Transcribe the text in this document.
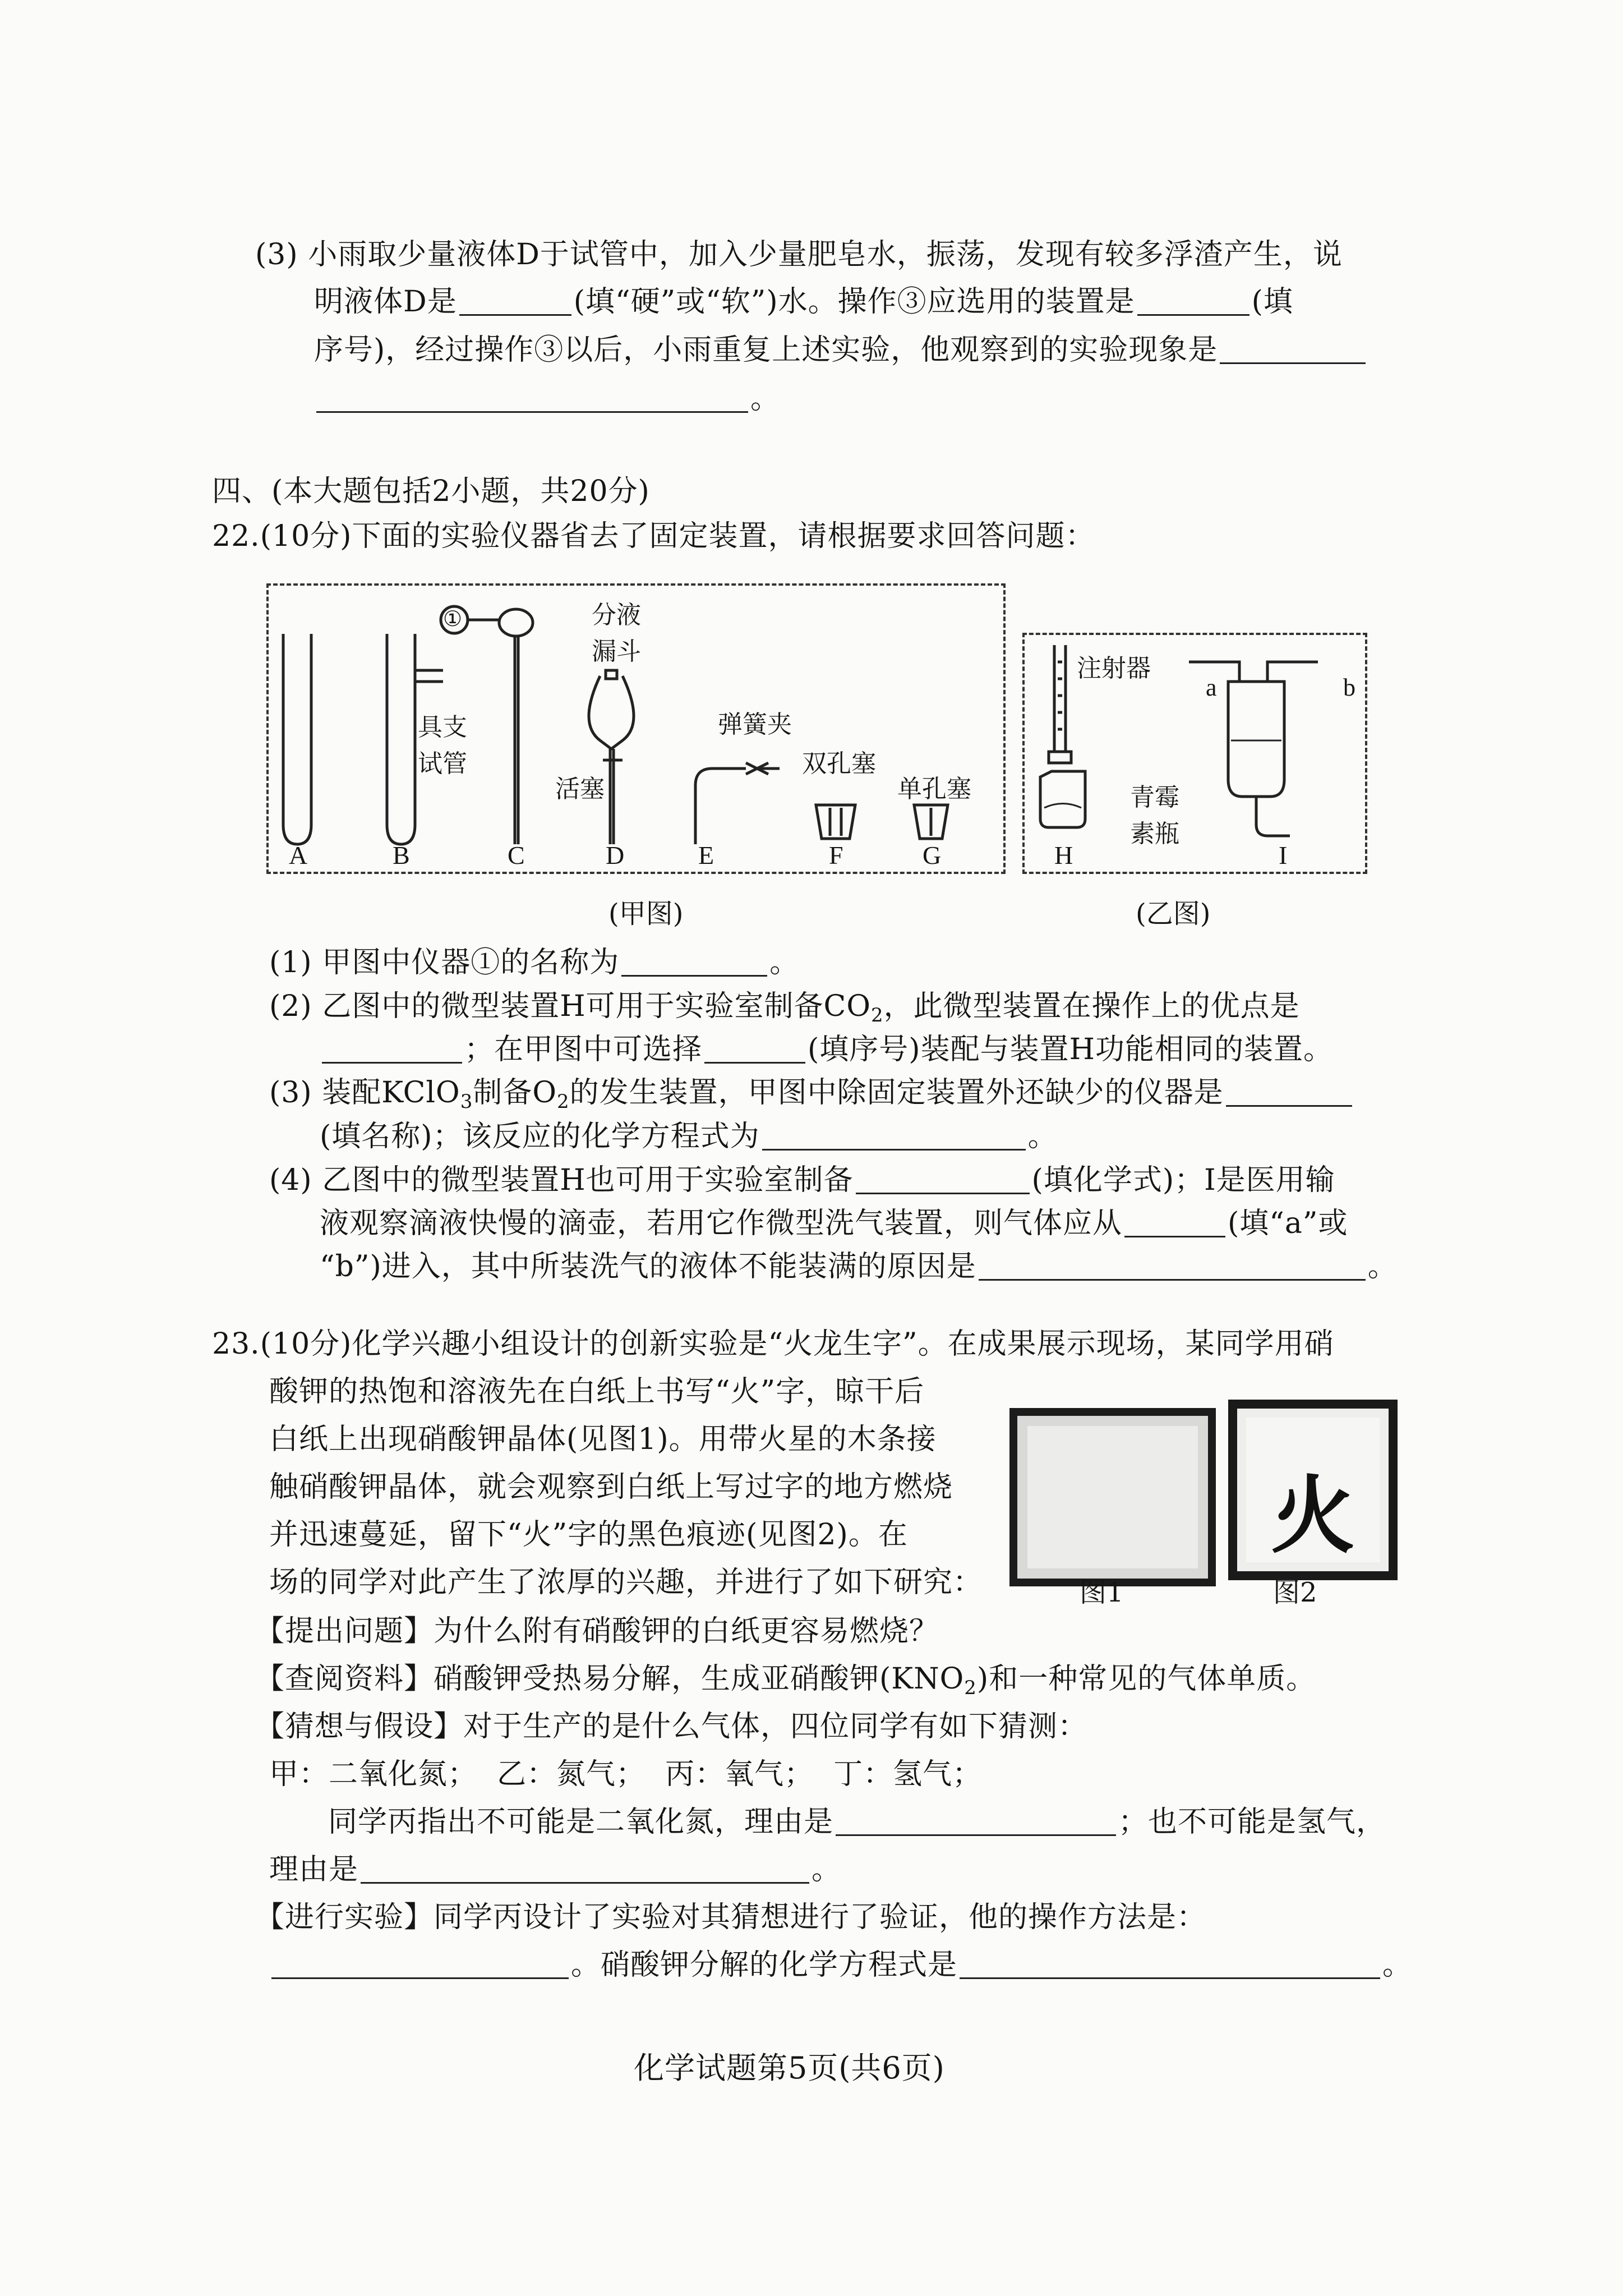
(3) 小雨取少量液体D于试管中，加入少量肥皂水，振荡，发现有较多浮渣产生，说
明液体D是	(填“硬”或“软”)水。操作③应选用的装置是	(填
序号)，经过操作③以后，小雨重复上述实验，他观察到的实验现象是
。
四、(本大题包括2小题，共20分)
22.(10分)下面的实验仪器省去了固定装置，请根据要求回答问题：
①	分液
漏斗
具支
试管
活塞
弹簧夹
双孔塞
单孔塞
注射器
青霉
素瓶
a	b
A	B	C	D	E	F	G	H	I
(甲图)	(乙图)
(1) 甲图中仪器①的名称为	。
(2) 乙图中的微型装置H可用于实验室制备$CO_2$，此微型装置在操作上的优点是
；在甲图中可选择	(填序号)装配与装置H功能相同的装置。
(3) 装配KClO$_3$制备$O_2$的发生装置，甲图中除固定装置外还缺少的仪器是
(填名称)；该反应的化学方程式为	。
(4) 乙图中的微型装置H也可用于实验室制备	(填化学式)；I是医用输
液观察滴液快慢的滴壶，若用它作微型洗气装置，则气体应从	(填“a”或
“b”)进入，其中所装洗气的液体不能装满的原因是	。
23.(10分)化学兴趣小组设计的创新实验是“火龙生字”。在成果展示现场，某同学用硝
酸钾的热饱和溶液先在白纸上书写“火”字，晾干后
白纸上出现硝酸钾晶体(见图1)。用带火星的木条接
触硝酸钾晶体，就会观察到白纸上写过字的地方燃烧
并迅速蔓延，留下“火”字的黑色痕迹(见图2)。在
场的同学对此产生了浓厚的兴趣，并进行了如下研究：
火
图1	图2
【提出问题】为什么附有硝酸钾的白纸更容易燃烧？
【查阅资料】硝酸钾受热易分解，生成亚硝酸钾$(KNO_2)$和一种常见的气体单质。
【猜想与假设】对于生产的是什么气体，四位同学有如下猜测：
甲：二氧化氮；  乙：氮气；  丙：氧气；  丁：氢气；
同学丙指出不可能是二氧化氮，理由是	；也不可能是氢气，
理由是	。
【进行实验】同学丙设计了实验对其猜想进行了验证，他的操作方法是：
。硝酸钾分解的化学方程式是	。
化学试题第5页(共6页)
